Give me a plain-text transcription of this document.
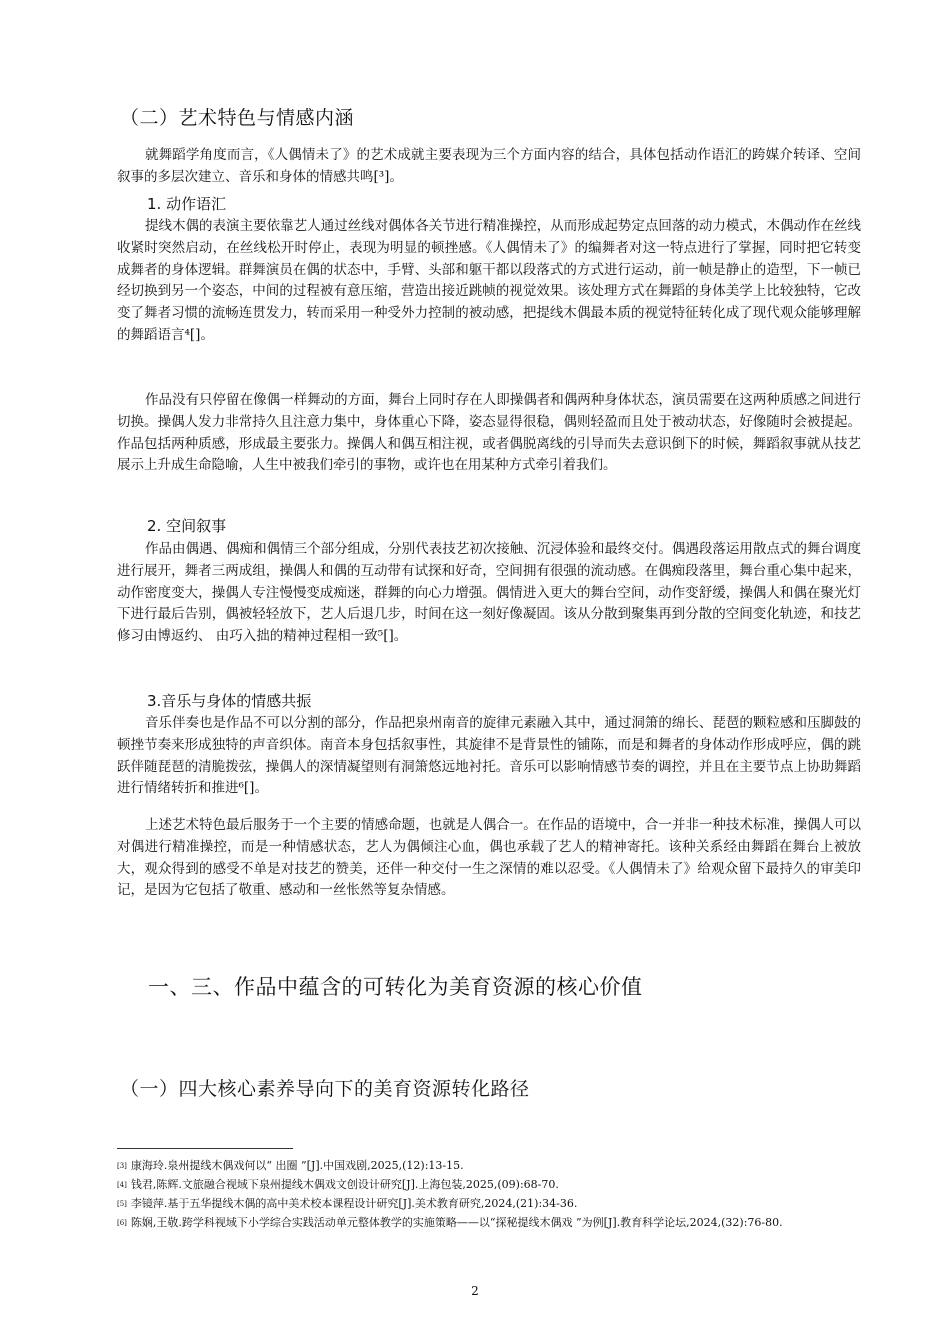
（二）艺术特色与情感内涵

就舞蹈学角度而言，《人偶情未了》的艺术成就主要表现为三个方面内容的结合，具体包括动作语汇的跨媒介转译、空间叙事的多层次建立、音乐和身体的情感共鸣[³]。

1. 动作语汇

提线木偶的表演主要依靠艺人通过丝线对偶体各关节进行精准操控，从而形成起势定点回落的动力模式，木偶动作在丝线收紧时突然启动，在丝线松开时停止，表现为明显的顿挫感。《人偶情未了》的编舞者对这一特点进行了掌握，同时把它转变成舞者的身体逻辑。群舞演员在偶的状态中，手臂、头部和躯干都以段落式的方式进行运动，前一帧是静止的造型，下一帧已经切换到另一个姿态，中间的过程被有意压缩，营造出接近跳帧的视觉效果。该处理方式在舞蹈的身体美学上比较独特，它改变了舞者习惯的流畅连贯发力，转而采用一种受外力控制的被动感，把提线木偶最本质的视觉特征转化成了现代观众能够理解的舞蹈语言⁴[]。

作品没有只停留在像偶一样舞动的方面，舞台上同时存在人即操偶者和偶两种身体状态，演员需要在这两种质感之间进行切换。操偶人发力非常持久且注意力集中，身体重心下降，姿态显得很稳，偶则轻盈而且处于被动状态，好像随时会被提起。作品包括两种质感，形成最主要张力。操偶人和偶互相注视，或者偶脱离线的引导而失去意识倒下的时候，舞蹈叙事就从技艺展示上升成生命隐喻，人生中被我们牵引的事物，或许也在用某种方式牵引着我们。

2. 空间叙事

作品由偶遇、偶痴和偶情三个部分组成，分别代表技艺初次接触、沉浸体验和最终交付。偶遇段落运用散点式的舞台调度进行展开，舞者三两成组，操偶人和偶的互动带有试探和好奇，空间拥有很强的流动感。在偶痴段落里，舞台重心集中起来，动作密度变大，操偶人专注慢慢变成痴迷，群舞的向心力增强。偶情进入更大的舞台空间，动作变舒缓，操偶人和偶在聚光灯下进行最后告别，偶被轻轻放下，艺人后退几步，时间在这一刻好像凝固。该从分散到聚集再到分散的空间变化轨迹，和技艺修习由博返约、 由巧入拙的精神过程相一致⁵[]。

3.音乐与身体的情感共振

音乐伴奏也是作品不可以分割的部分，作品把泉州南音的旋律元素融入其中，通过洞箫的绵长、琵琶的颗粒感和压脚鼓的顿挫节奏来形成独特的声音织体。南音本身包括叙事性，其旋律不是背景性的铺陈，而是和舞者的身体动作形成呼应，偶的跳跃伴随琵琶的清脆拨弦，操偶人的深情凝望则有洞箫悠远地衬托。音乐可以影响情感节奏的调控，并且在主要节点上协助舞蹈进行情绪转折和推进⁶[]。

上述艺术特色最后服务于一个主要的情感命题，也就是人偶合一。在作品的语境中，合一并非一种技术标准，操偶人可以对偶进行精准操控，而是一种情感状态，艺人为偶倾注心血，偶也承载了艺人的精神寄托。该种关系经由舞蹈在舞台上被放大，观众得到的感受不单是对技艺的赞美，还伴一种交付一生之深情的难以忍受。《人偶情未了》给观众留下最持久的审美印记，是因为它包括了敬重、感动和一丝怅然等复杂情感。

一、三、作品中蕴含的可转化为美育资源的核心价值
（一）四大核心素养导向下的美育资源转化路径
[3] 康海玲.泉州提线木偶戏何以“ 出圈 ”[J].中国戏剧,2025,(12):13-15.
[4] 钱君,陈辉.文旅融合视域下泉州提线木偶戏文创设计研究[J].上海包装,2025,(09):68-70.
[5] 李镜萍.基于五华提线木偶的高中美术校本课程设计研究[J].美术教育研究,2024,(21):34-36.
[6] 陈娴,王敬.跨学科视域下小学综合实践活动单元整体教学的实施策略——以“探秘提线木偶戏 ”为例[J].教育科学论坛,2024,(32):76-80.
2
